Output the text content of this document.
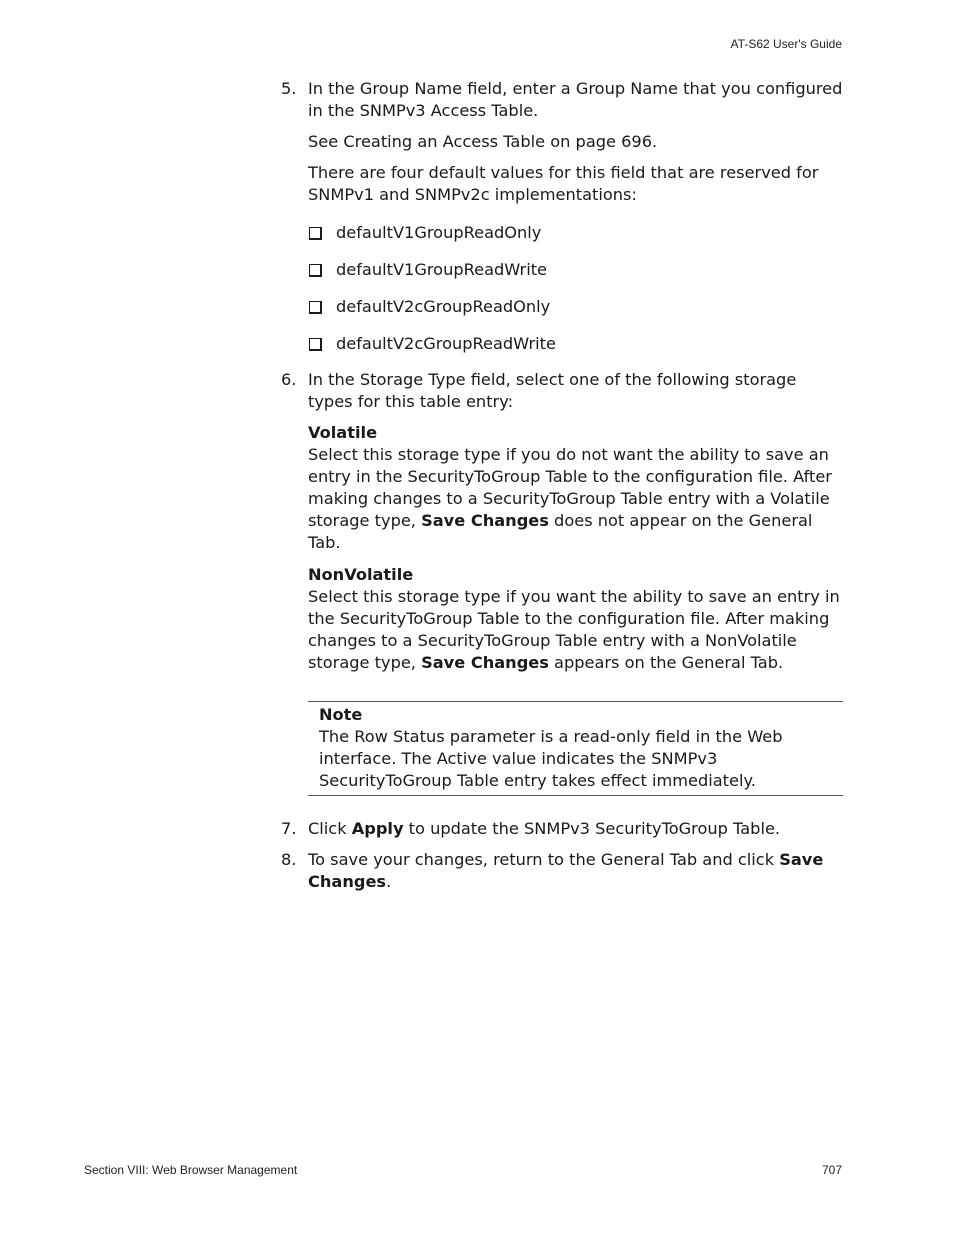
AT-S62 User's Guide
5. In the Group Name field, enter a Group Name that you configured in the SNMPv3 Access Table.
See Creating an Access Table on page 696.
There are four default values for this field that are reserved for SNMPv1 and SNMPv2c implementations:
defaultV1GroupReadOnly
defaultV1GroupReadWrite
defaultV2cGroupReadOnly
defaultV2cGroupReadWrite
6. In the Storage Type field, select one of the following storage types for this table entry:
Volatile
Select this storage type if you do not want the ability to save an entry in the SecurityToGroup Table to the configuration file. After making changes to a SecurityToGroup Table entry with a Volatile storage type, Save Changes does not appear on the General Tab.
NonVolatile
Select this storage type if you want the ability to save an entry in the SecurityToGroup Table to the configuration file. After making changes to a SecurityToGroup Table entry with a NonVolatile storage type, Save Changes appears on the General Tab.
Note
The Row Status parameter is a read-only field in the Web interface. The Active value indicates the SNMPv3 SecurityToGroup Table entry takes effect immediately.
7. Click Apply to update the SNMPv3 SecurityToGroup Table.
8. To save your changes, return to the General Tab and click Save Changes.
Section VIII: Web Browser Management	707
